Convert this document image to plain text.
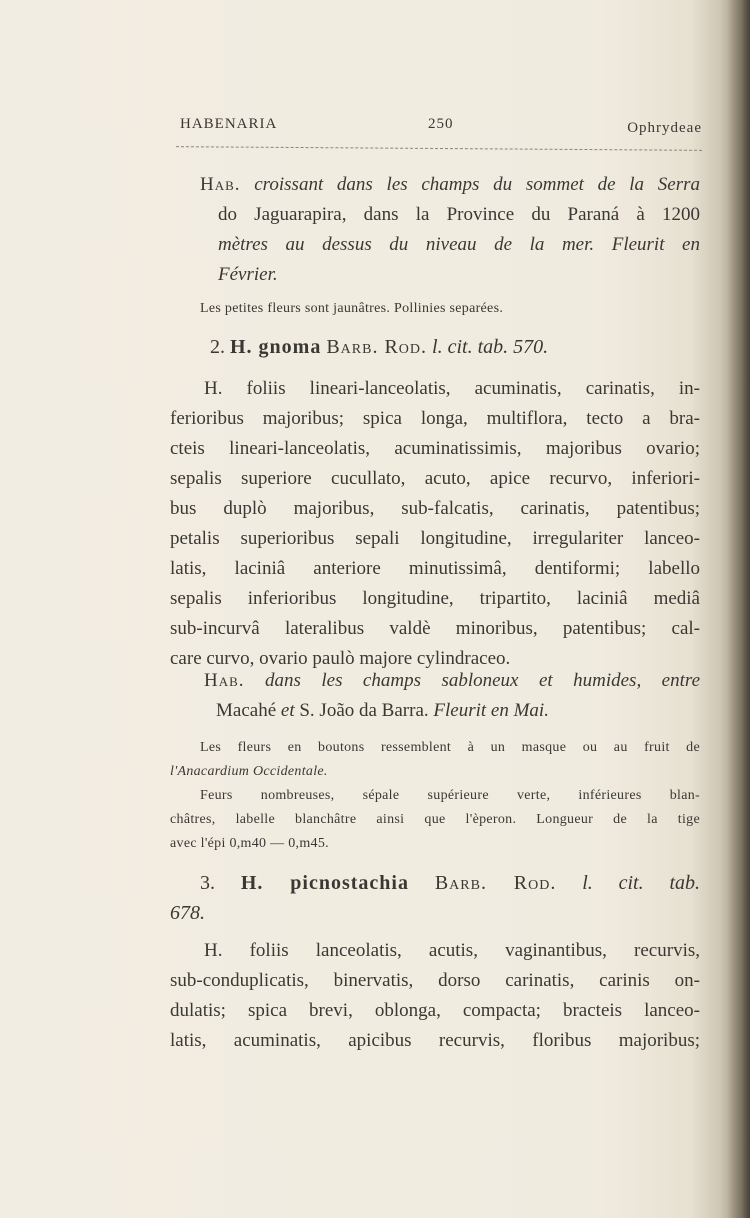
HABENARIA	250	Ophrydeae
Hab. croissant dans les champs du sommet de la Serra
do Jaguarapira, dans la Province du Paraná à 1200
mètres au dessus du niveau de la mer. Fleurit en
Février.
Les petites fleurs sont jaunâtres. Pollinies separées.
2. H. gnoma Barb. Rod. l. cit. tab. 570.
H. foliis lineari-lanceolatis, acuminatis, carinatis, in-
ferioribus majoribus; spica longa, multiflora, tecto a bra-
cteis lineari-lanceolatis, acuminatissimis, majoribus ovario;
sepalis superiore cucullato, acuto, apice recurvo, inferiori-
bus duplò majoribus, sub-falcatis, carinatis, patentibus;
petalis superioribus sepali longitudine, irregulariter lanceo-
latis, laciniâ anteriore minutissimâ, dentiformi; labello
sepalis inferioribus longitudine, tripartito, laciniâ mediâ
sub-incurvâ lateralibus valdè minoribus, patentibus; cal-
care curvo, ovario paulò majore cylindraceo.
Hab. dans les champs sabloneux et humides, entre
Macahé et S. João da Barra. Fleurit en Mai.
Les fleurs en boutons ressemblent à un masque ou au fruit de
l'Anacardium Occidentale.
Feurs nombreuses, sépale supérieure verte, inférieures blan-
châtres, labelle blanchâtre ainsi que l'èperon. Longueur de la tige
avec l'épi 0,m40 — 0,m45.
3. H. picnostachia Barb. Rod. l. cit. tab.
678.
H. foliis lanceolatis, acutis, vaginantibus, recurvis,
sub-conduplicatis, binervatis, dorso carinatis, carinis on-
dulatis; spica brevi, oblonga, compacta; bracteis lanceo-
latis, acuminatis, apicibus recurvis, floribus majoribus;
